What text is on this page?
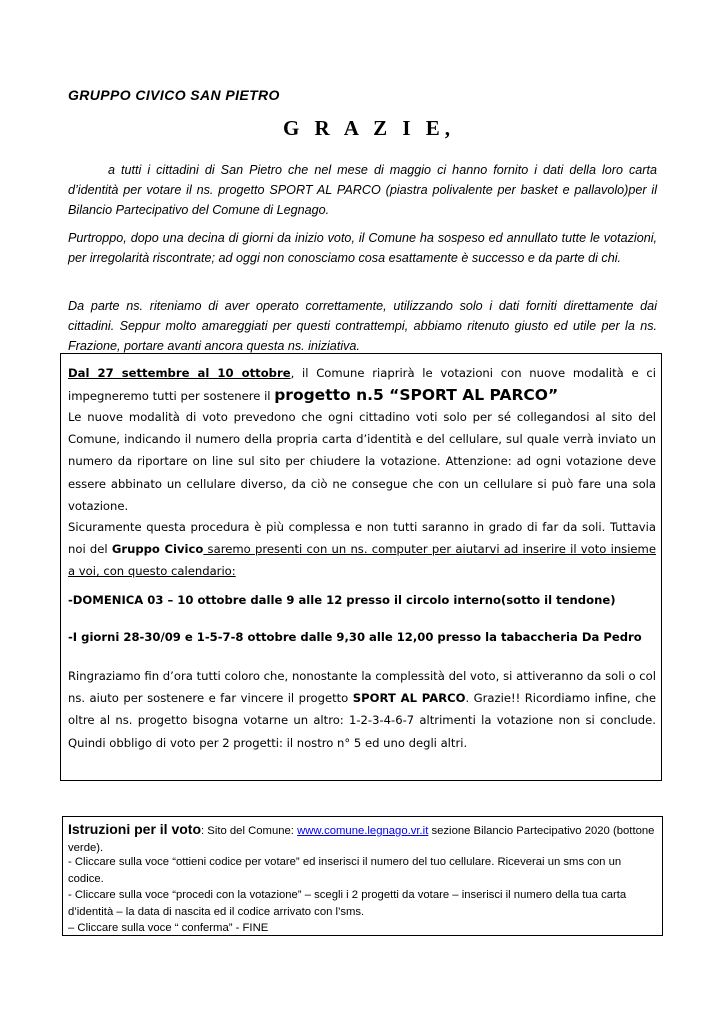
GRUPPO CIVICO SAN PIETRO
G R A Z I E,
a tutti i cittadini di San Pietro che nel mese di maggio ci hanno fornito i dati della loro carta d’identità per votare il ns. progetto SPORT AL PARCO (piastra polivalente per basket e pallavolo)per il Bilancio Partecipativo del Comune di Legnago.
Purtroppo, dopo una decina di giorni da inizio voto, il Comune ha sospeso ed annullato tutte le votazioni, per irregolarità riscontrate; ad oggi non conosciamo cosa esattamente è successo e da parte di chi.
Da parte ns. riteniamo di aver operato correttamente, utilizzando solo i dati forniti direttamente dai cittadini. Seppur molto amareggiati per questi contrattempi, abbiamo ritenuto giusto ed utile per la ns. Frazione, portare avanti ancora questa ns. iniziativa.
Dal 27 settembre al 10 ottobre, il Comune riaprirà le votazioni con nuove modalità e ci impegneremo tutti per sostenere il progetto n.5 “SPORT AL PARCO”
Le nuove modalità di voto prevedono che ogni cittadino voti solo per sé collegandosi al sito del Comune, indicando il numero della propria carta d’identità e del cellulare, sul quale verrà inviato un numero da riportare on line sul sito per chiudere la votazione. Attenzione: ad ogni votazione deve essere abbinato un cellulare diverso, da ciò ne consegue che con un cellulare si può fare una sola votazione.
Sicuramente questa procedura è più complessa e non tutti saranno in grado di far da soli. Tuttavia noi del Gruppo Civico saremo presenti con un ns. computer per aiutarvi ad inserire il voto insieme a voi, con questo calendario:
-DOMENICA 03 – 10 ottobre dalle 9 alle 12 presso il circolo interno(sotto il tendone)
-I giorni 28-30/09 e 1-5-7-8 ottobre dalle 9,30 alle 12,00 presso la tabaccheria Da Pedro
Ringraziamo fin d’ora tutti coloro che, nonostante la complessità del voto, si attiveranno da soli o col ns. aiuto per sostenere e far vincere il progetto SPORT AL PARCO. Grazie!! Ricordiamo infine, che oltre al ns. progetto bisogna votarne un altro: 1-2-3-4-6-7 altrimenti la votazione non si conclude. Quindi obbligo di voto per 2 progetti: il nostro n° 5 ed uno degli altri.
Istruzioni per il voto: Sito del Comune: www.comune.legnago.vr.it sezione Bilancio Partecipativo 2020 (bottone verde).
- Cliccare sulla voce “ottieni codice per votare” ed inserisci il numero del tuo cellulare. Riceverai un sms con un codice.
- Cliccare sulla voce “procedi con la votazione” – scegli i 2 progetti da votare – inserisci il numero della tua carta d’identità – la data di nascita ed il codice arrivato con l’sms.
– Cliccare sulla voce “ conferma” - FINE
